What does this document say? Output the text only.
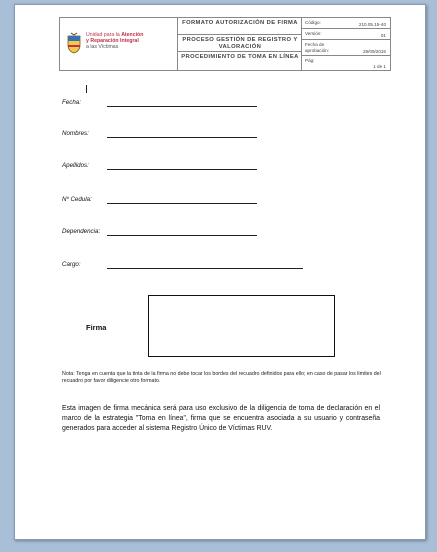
Unidad para la Atención
y Reparación Integral
a las Víctimas
FORMATO AUTORIZACIÓN DE FIRMA
PROCESO GESTIÓN DE REGISTRO Y VALORACIÓN
PROCEDIMIENTO DE TOMA EN LÍNEA
Código:	210.05.15-40
Versión:	01
Fecha de aprobación:	29/09/2015
Pág:
1 de 1
Fecha:
Nombres:
Apellidos:
Nº Cedula:
Dependencia:
Cargo:
Firma
Nota: Tenga en cuenta que la tinta de la firma no debe tocar los bordes del recuadro definidos para ello; en caso de pasar los limites del recuadro por favor diligencie otro formato.
Esta imagen de firma mecánica será para uso exclusivo de la diligencia de toma de declaración en el marco de la estrategia "Toma en línea", firma que se encuentra asociada a su usuario y contraseña generados para acceder al sistema Registro Único de Víctimas RUV.
